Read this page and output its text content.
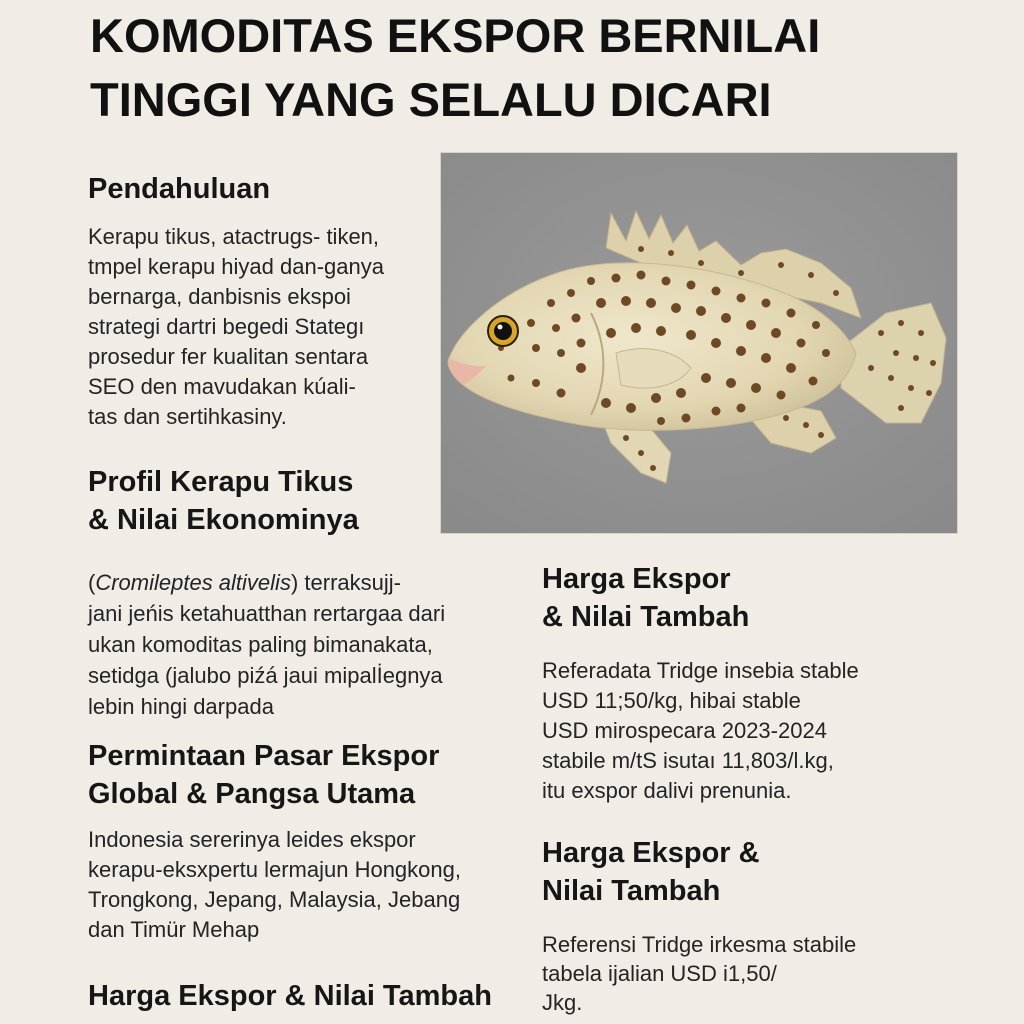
KOMODITAS EKSPOR BERNILAI
TINGGI YANG SELALU DICARI
Pendahuluan
Kerapu tikus, atactrugs- tiken,
tmpel kerapu hiyad dan-ganya
bernarga, danbisnis ekspoi
strategi dartri begedi Stategı
prosedur fer kualitan sentara
SEO den mavudakan kúali-
tas dan sertihkasiny.
Profil Kerapu Tikus
& Nilai Ekonominya
(Cromileptes altivelis) terraksujj-
jani jeńis ketahuatthan rertargaa dari
ukan komoditas paling bimanakata,
setidga (jalubo piźá jaui mipalİegnya
lebin hingi darpada
Permintaan Pasar Ekspor
Global & Pangsa Utama
Indonesia sererinya leides ekspor
kerapu-eksxpertu lermajun Hongkong,
Trongkong, Jepang, Malaysia, Jebang
dan Timür Mehap
Harga Ekspor & Nilai Tambah
Harga Ekspor
& Nilai Tambah
Referadata Tridge insebia stable
USD 11;50/kg, hibai stable
USD mirospecara 2023-2024
stabile m/tS isutaı 11,803/l.kg,
itu exspor dalivi prenunia.
Harga Ekspor &
Nilai Tambah
Referensi Tridge irkesma stabile
tabela ijalian USD i1,50/
Jkg.
